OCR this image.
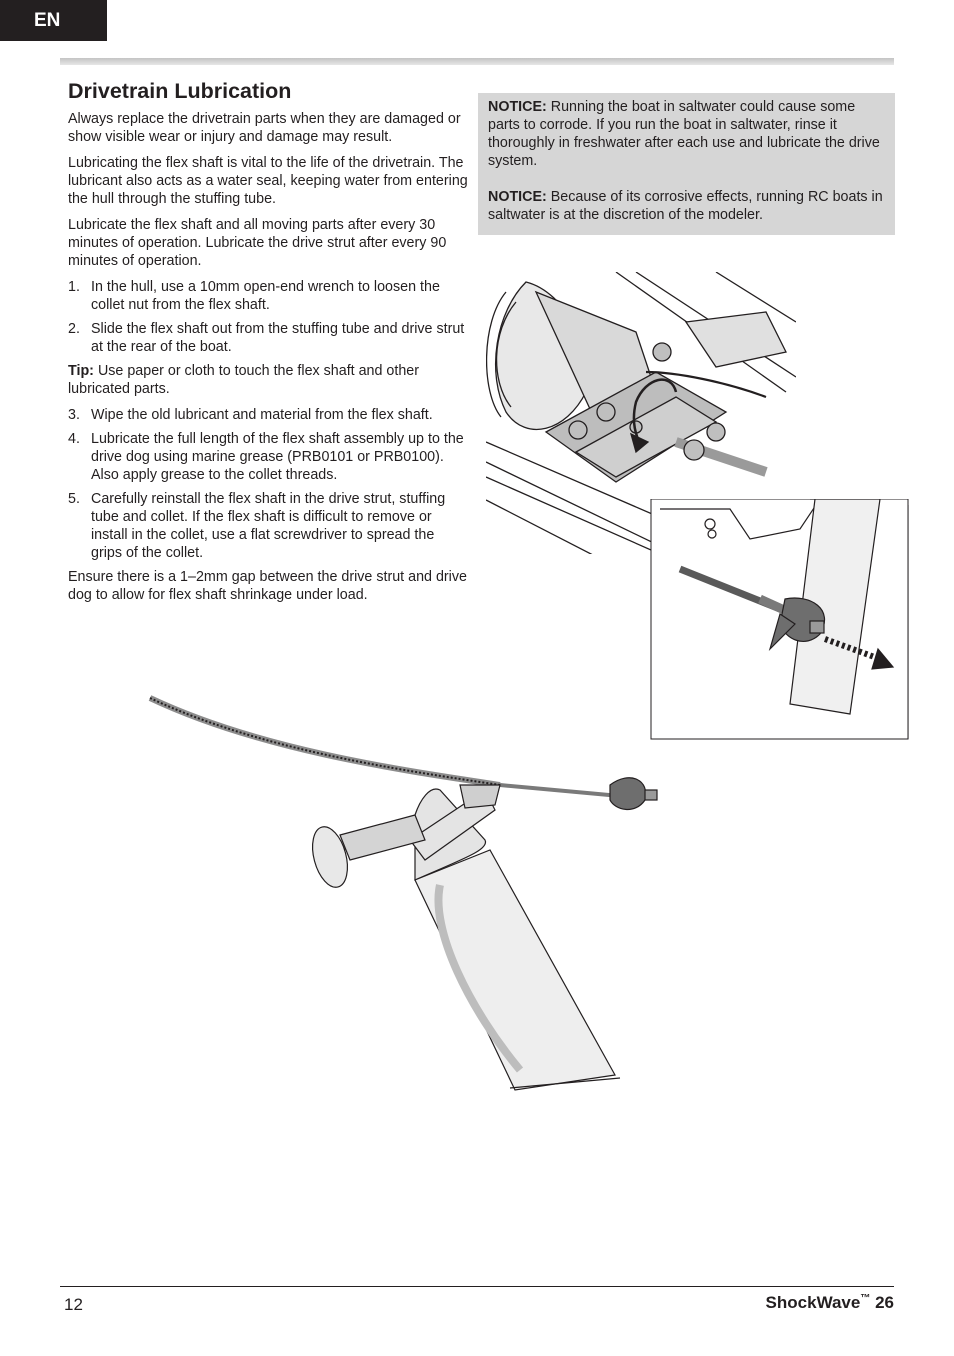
EN
Drivetrain Lubrication

Always replace the drivetrain parts when they are damaged or show visible wear or injury and damage may result.

Lubricating the flex shaft is vital to the life of the drivetrain. The lubricant also acts as a water seal, keeping water from entering the hull through the stuffing tube.

Lubricate the flex shaft and all moving parts after every 30 minutes of operation. Lubricate the drive strut after every 90 minutes of operation.

1. In the hull, use a 10mm open-end wrench to loosen the collet nut from the flex shaft.
2. Slide the flex shaft out from the stuffing tube and drive strut at the rear of the boat.

Tip: Use paper or cloth to touch the flex shaft and other lubricated parts.

3. Wipe the old lubricant and material from the flex shaft.
4. Lubricate the full length of the flex shaft assembly up to the drive dog using marine grease (PRB0101 or PRB0100). Also apply grease to the collet threads.
5. Carefully reinstall the flex shaft in the drive strut, stuffing tube and collet. If the flex shaft is difficult to remove or install in the collet, use a flat screwdriver to spread the grips of the collet.

Ensure there is a 1–2mm gap between the drive strut and drive dog to allow for flex shaft shrinkage under load.

NOTICE: Running the boat in saltwater could cause some parts to corrode. If you run the boat in saltwater, rinse it thoroughly in freshwater after each use and lubricate the drive system.

NOTICE: Because of its corrosive effects, running RC boats in saltwater is at the discretion of the modeler.

12	ShockWave™ 26
